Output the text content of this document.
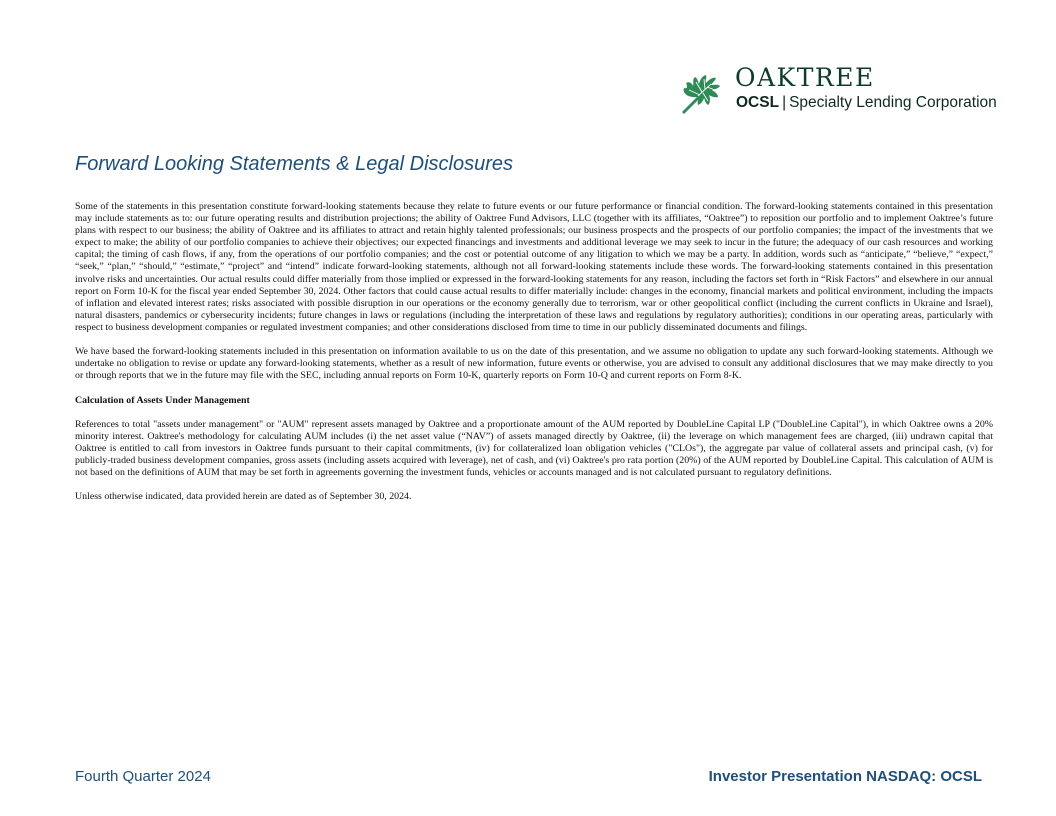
OAKTREE
OCSL | Specialty Lending Corporation
Forward Looking Statements & Legal Disclosures

Some of the statements in this presentation constitute forward-looking statements because they relate to future events or our future performance or financial condition. The forward-looking statements contained in this presentation may include statements as to: our future operating results and distribution projections; the ability of Oaktree Fund Advisors, LLC (together with its affiliates, “Oaktree”) to reposition our portfolio and to implement Oaktree’s future plans with respect to our business; the ability of Oaktree and its affiliates to attract and retain highly talented professionals; our business prospects and the prospects of our portfolio companies; the impact of the investments that we expect to make; the ability of our portfolio companies to achieve their objectives; our expected financings and investments and additional leverage we may seek to incur in the future; the adequacy of our cash resources and working capital; the timing of cash flows, if any, from the operations of our portfolio companies; and the cost or potential outcome of any litigation to which we may be a party. In addition, words such as “anticipate,” “believe,” “expect,” “seek,” “plan,” “should,” “estimate,” “project” and “intend” indicate forward-looking statements, although not all forward-looking statements include these words. The forward-looking statements contained in this presentation involve risks and uncertainties. Our actual results could differ materially from those implied or expressed in the forward-looking statements for any reason, including the factors set forth in “Risk Factors” and elsewhere in our annual report on Form 10-K for the fiscal year ended September 30, 2024. Other factors that could cause actual results to differ materially include: changes in the economy, financial markets and political environment, including the impacts of inflation and elevated interest rates; risks associated with possible disruption in our operations or the economy generally due to terrorism, war or other geopolitical conflict (including the current conflicts in Ukraine and Israel), natural disasters, pandemics or cybersecurity incidents; future changes in laws or regulations (including the interpretation of these laws and regulations by regulatory authorities); conditions in our operating areas, particularly with respect to business development companies or regulated investment companies; and other considerations disclosed from time to time in our publicly disseminated documents and filings.

We have based the forward-looking statements included in this presentation on information available to us on the date of this presentation, and we assume no obligation to update any such forward-looking statements. Although we undertake no obligation to revise or update any forward-looking statements, whether as a result of new information, future events or otherwise, you are advised to consult any additional disclosures that we may make directly to you or through reports that we in the future may file with the SEC, including annual reports on Form 10-K, quarterly reports on Form 10-Q and current reports on Form 8-K.

Calculation of Assets Under Management

References to total "assets under management" or "AUM" represent assets managed by Oaktree and a proportionate amount of the AUM reported by DoubleLine Capital LP ("DoubleLine Capital"), in which Oaktree owns a 20% minority interest. Oaktree's methodology for calculating AUM includes (i) the net asset value (“NAV”) of assets managed directly by Oaktree, (ii) the leverage on which management fees are charged, (iii) undrawn capital that Oaktree is entitled to call from investors in Oaktree funds pursuant to their capital commitments, (iv) for collateralized loan obligation vehicles ("CLOs"), the aggregate par value of collateral assets and principal cash, (v) for publicly-traded business development companies, gross assets (including assets acquired with leverage), net of cash, and (vi) Oaktree's pro rata portion (20%) of the AUM reported by DoubleLine Capital. This calculation of AUM is not based on the definitions of AUM that may be set forth in agreements governing the investment funds, vehicles or accounts managed and is not calculated pursuant to regulatory definitions.

Unless otherwise indicated, data provided herein are dated as of September 30, 2024.

Fourth Quarter 2024	Investor Presentation NASDAQ: OCSL
